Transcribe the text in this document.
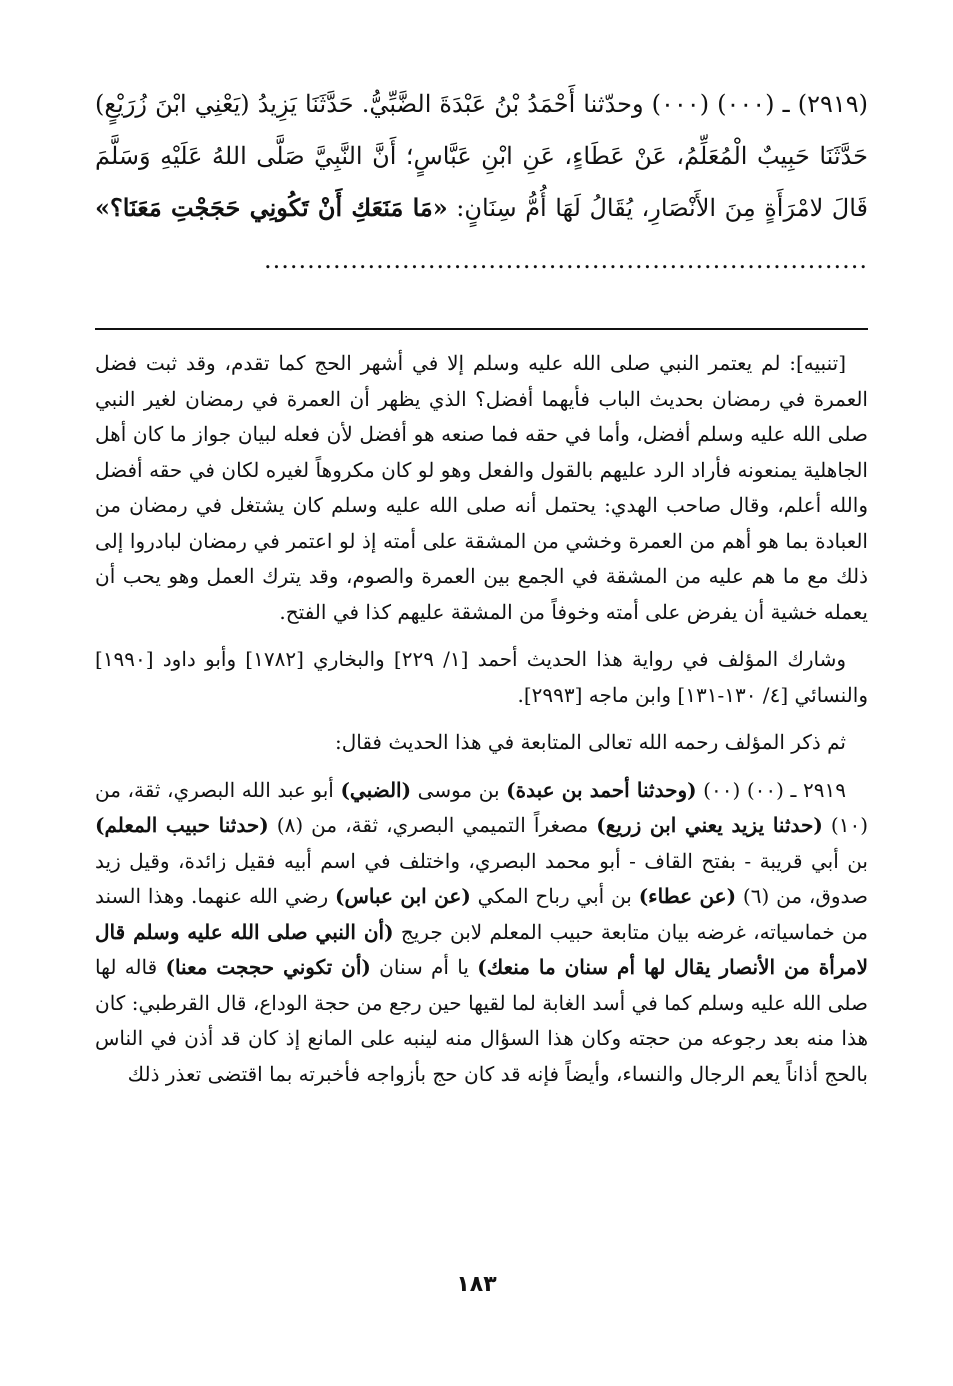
(٢٩١٩) ـ (٠٠٠) (٠٠٠) وحدّثنا أَحْمَدُ بْنُ عَبْدَةَ الضَّبِّيُّ. حَدَّثَنَا يَزِيدُ (يَعْنِي ابْنَ زُرَيْعٍ) حَدَّثَنَا حَبِيبٌ الْمُعَلِّمُ، عَنْ عَطَاءٍ، عَنِ ابْنِ عَبَّاسٍ؛ أَنَّ النَّبِيَّ صَلَّى اللهُ عَلَيْهِ وَسَلَّمَ قَالَ لامْرَأَةٍ مِنَ الأَنْصَارِ، يُقَالُ لَهَا أُمُّ سِنَانٍ: «مَا مَنَعَكِ أَنْ تَكُونِي حَجَجْتِ مَعَنَا؟» ......................................................................

[تنبيه]: لم يعتمر النبي صلى الله عليه وسلم إلا في أشهر الحج كما تقدم، وقد ثبت فضل العمرة في رمضان بحديث الباب فأيهما أفضل؟ الذي يظهر أن العمرة في رمضان لغير النبي صلى الله عليه وسلم أفضل، وأما في حقه فما صنعه هو أفضل لأن فعله لبيان جواز ما كان أهل الجاهلية يمنعونه فأراد الرد عليهم بالقول والفعل وهو لو كان مكروهاً لغيره لكان في حقه أفضل والله أعلم، وقال صاحب الهدي: يحتمل أنه صلى الله عليه وسلم كان يشتغل في رمضان من العبادة بما هو أهم من العمرة وخشي من المشقة على أمته إذ لو اعتمر في رمضان لبادروا إلى ذلك مع ما هم عليه من المشقة في الجمع بين العمرة والصوم، وقد يترك العمل وهو يحب أن يعمله خشية أن يفرض على أمته وخوفاً من المشقة عليهم كذا في الفتح.

وشارك المؤلف في رواية هذا الحديث أحمد [١/ ٢٢٩] والبخاري [١٧٨٢] وأبو داود [١٩٩٠] والنسائي [٤/ ١٣٠-١٣١] وابن ماجه [٢٩٩٣].

ثم ذكر المؤلف رحمه الله تعالى المتابعة في هذا الحديث فقال:

٢٩١٩ ـ (٠٠) (٠٠) (وحدثنا أحمد بن عبدة) بن موسى (الضبي) أبو عبد الله البصري، ثقة، من (١٠) (حدثنا يزيد يعني ابن زريع) مصغراً التميمي البصري، ثقة، من (٨) (حدثنا حبيب المعلم) بن أبي قريبة - بفتح القاف - أبو محمد البصري، واختلف في اسم أبيه فقيل زائدة، وقيل زيد صدوق، من (٦) (عن عطاء) بن أبي رباح المكي (عن ابن عباس) رضي الله عنهما. وهذا السند من خماسياته، غرضه بيان متابعة حبيب المعلم لابن جريج (أن النبي صلى الله عليه وسلم قال لامرأة من الأنصار يقال لها أم سنان ما منعك) يا أم سنان (أن تكوني حججت معنا) قاله لها صلى الله عليه وسلم كما في أسد الغابة لما لقيها حين رجع من حجة الوداع، قال القرطبي: كان هذا منه بعد رجوعه من حجته وكان هذا السؤال منه لينبه على المانع إذ كان قد أذن في الناس بالحج أذاناً يعم الرجال والنساء، وأيضاً فإنه قد كان حج بأزواجه فأخبرته بما اقتضى تعذر ذلك

١٨٣
